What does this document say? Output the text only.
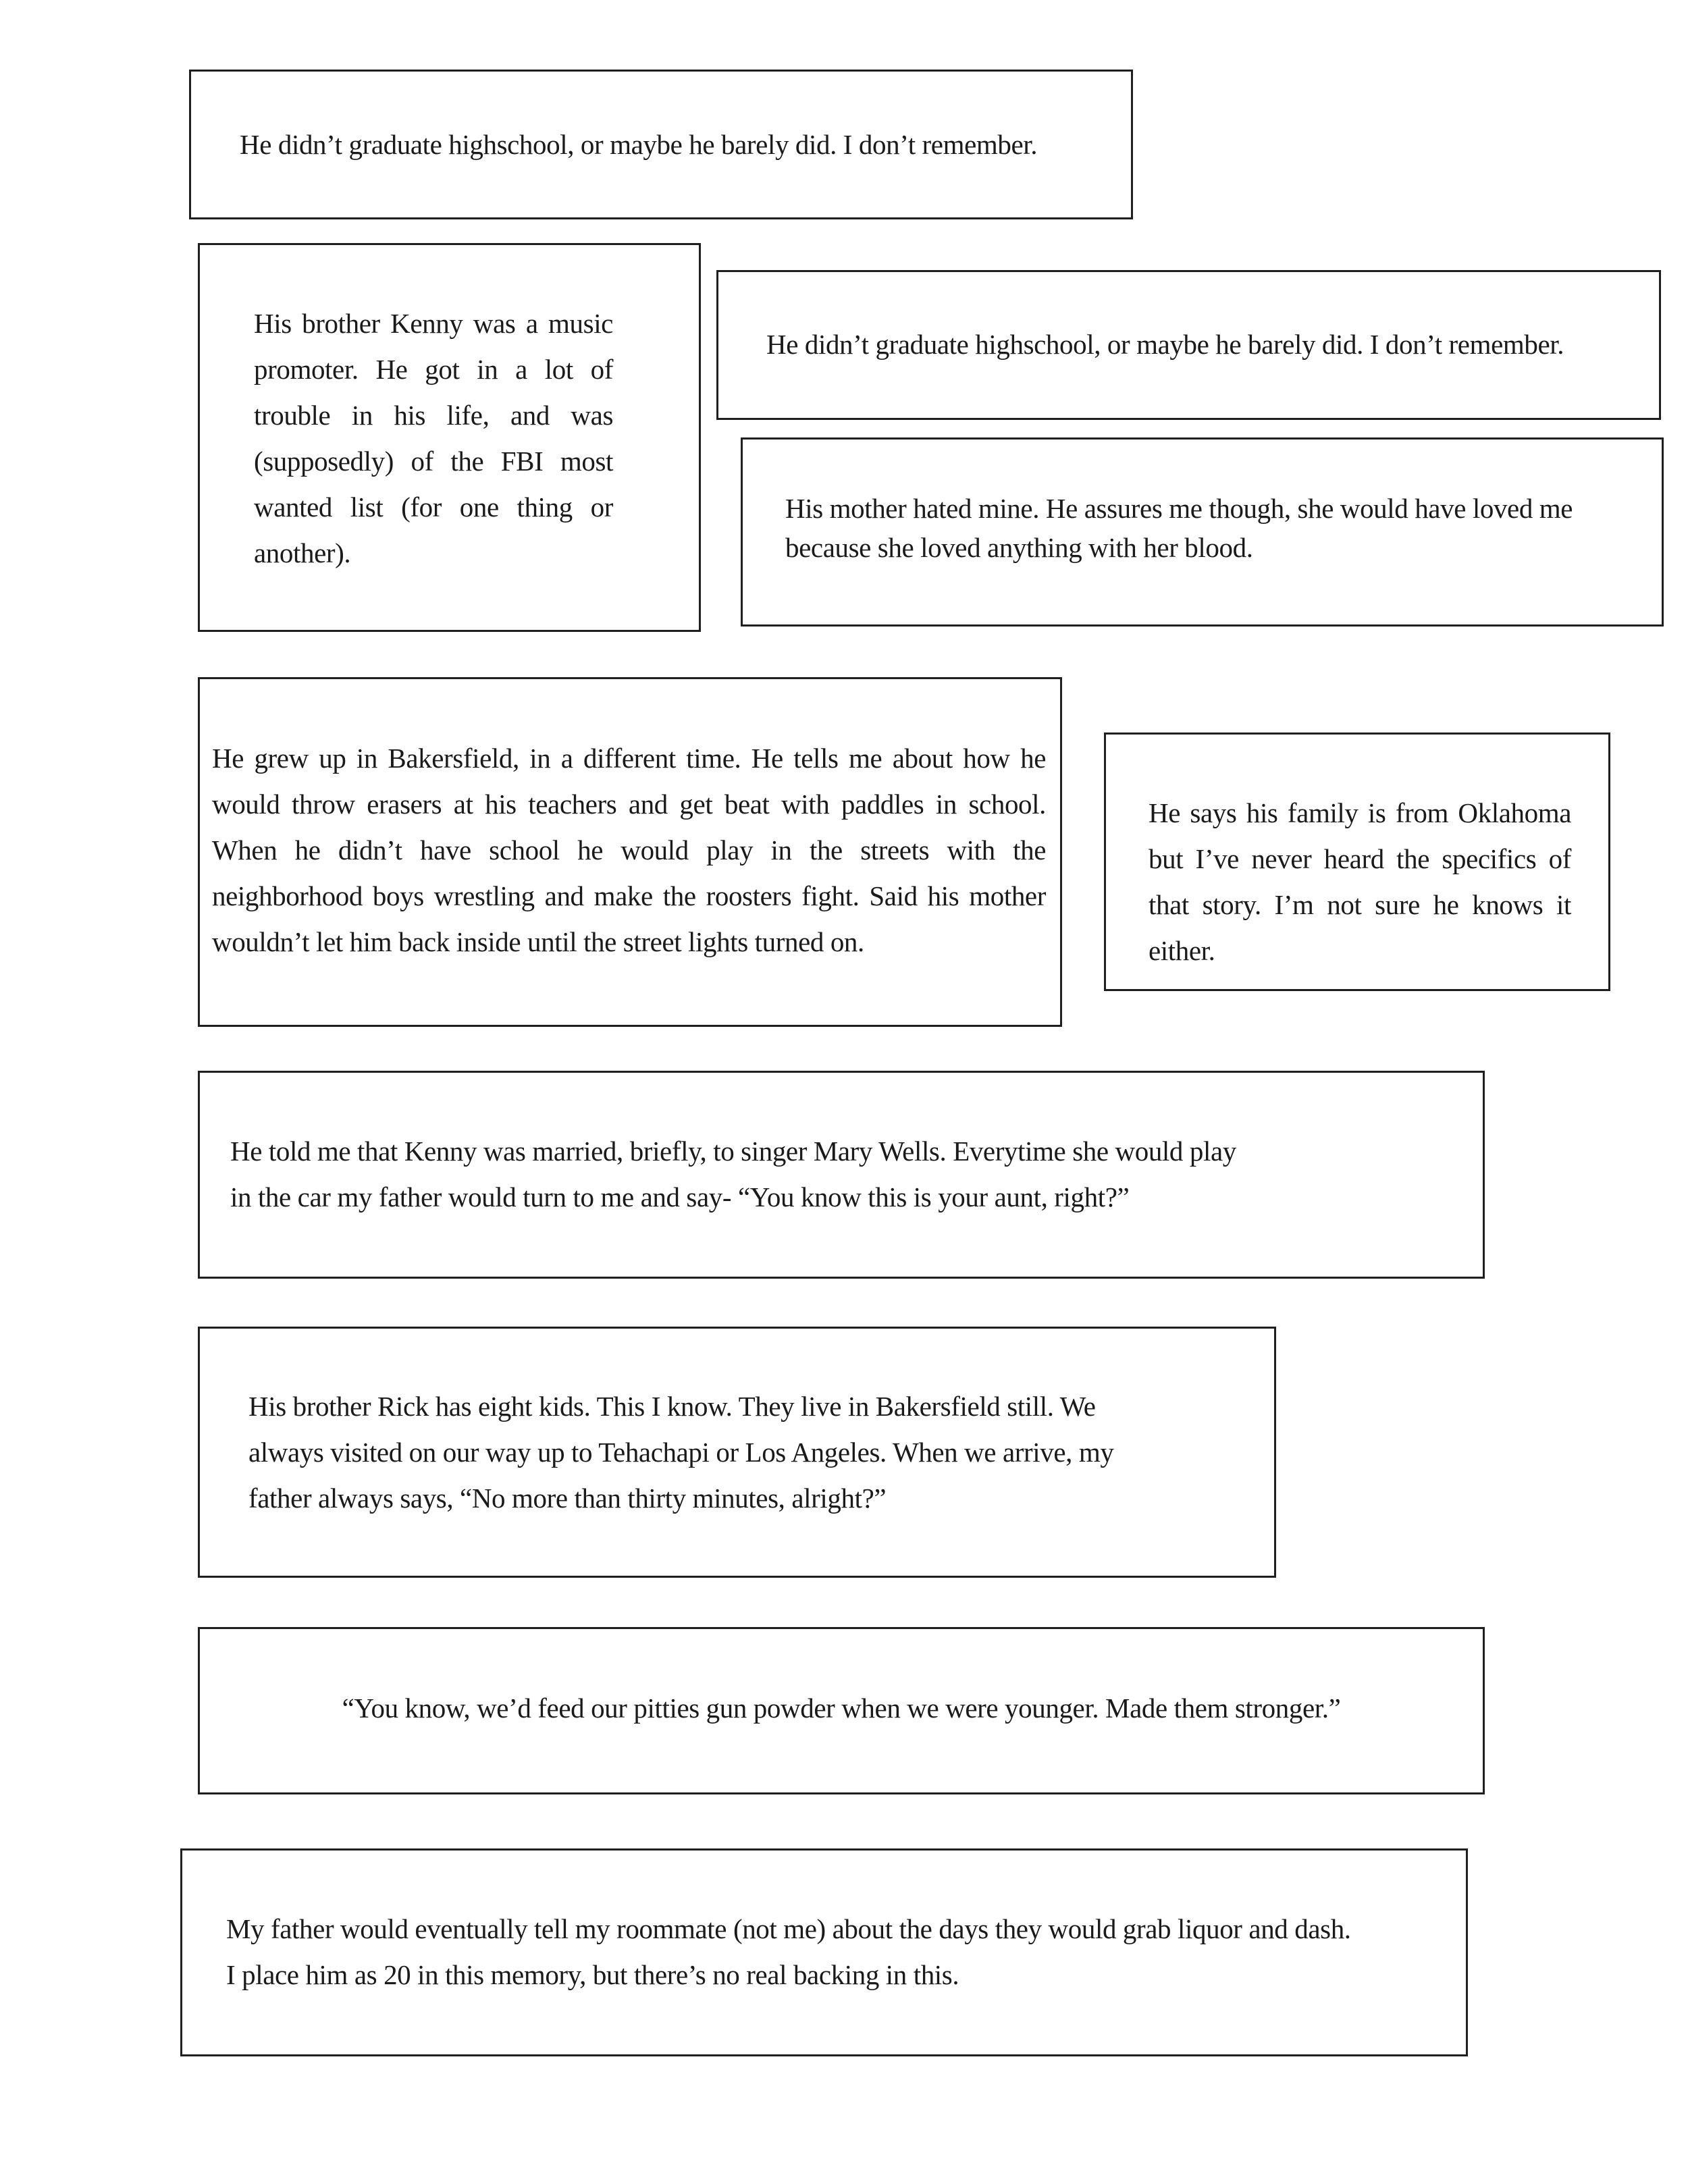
He didn’t graduate highschool, or maybe he barely did. I don’t remember.

His brother Kenny was a music promoter. He got in a lot of trouble in his life, and was (supposedly) of the FBI most wanted list (for one thing or another).

He didn’t graduate highschool, or maybe he barely did. I don’t remember.

His mother hated mine. He assures me though, she would have loved me because she loved anything with her blood.

He grew up in Bakersfield, in a different time. He tells me about how he would throw erasers at his teachers and get beat with paddles in school. When he didn’t have school he would play in the streets with the neighborhood boys wrestling and make the roosters fight. Said his mother wouldn’t let him back inside until the street lights turned on.

He says his family is from Oklahoma but I’ve never heard the specifics of that story. I’m not sure he knows it either.

He told me that Kenny was married, briefly, to singer Mary Wells. Everytime she would play

in the car my father would turn to me and say- “You know this is your aunt, right?”

His brother Rick has eight kids. This I know. They live in Bakersfield still. We

always visited on our way up to Tehachapi or Los Angeles. When we arrive, my

father always says, “No more than thirty minutes, alright?”

“You know, we’d feed our pitties gun powder when we were younger. Made them stronger.”

My father would eventually tell my roommate (not me) about the days they would grab liquor and dash.

I place him as 20 in this memory, but there’s no real backing in this.
